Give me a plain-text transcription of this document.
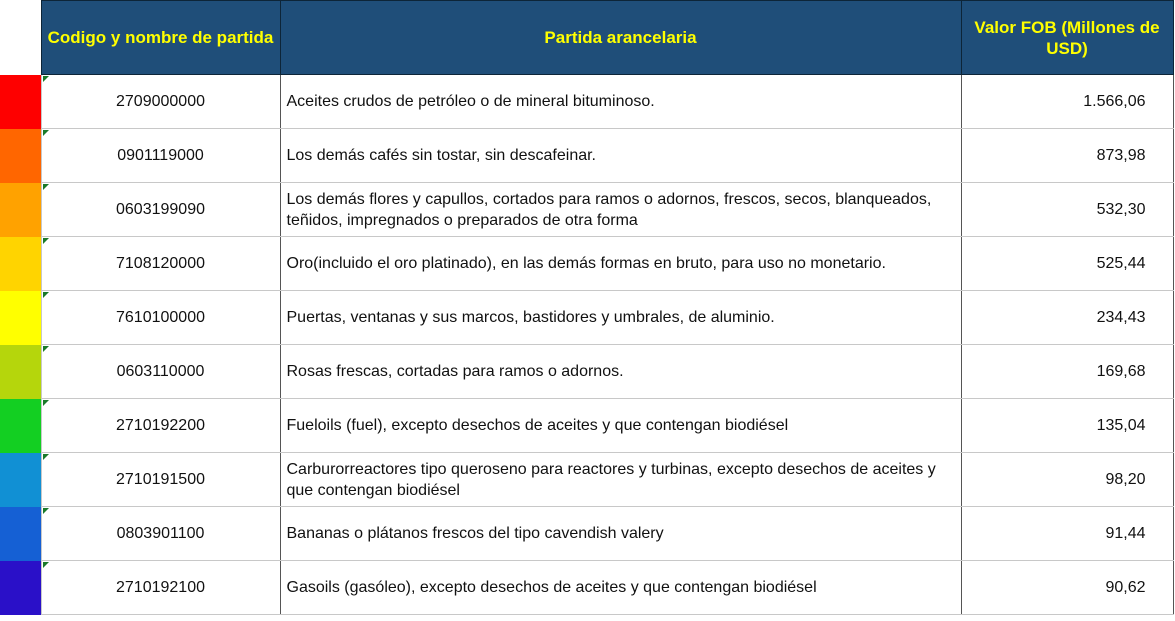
	Codigo y nombre de partida	Partida arancelaria	Valor FOB (Millones de USD)

	2709000000	Aceites crudos de petróleo o de mineral bituminoso.	1.566,06

	0901119000	Los demás cafés sin tostar, sin descafeinar.	873,98

	0603199090	Los demás flores y capullos, cortados para ramos o adornos, frescos, secos, blanqueados, teñidos, impregnados o preparados de otra forma	532,30

	7108120000	Oro(incluido el oro platinado), en las demás formas en bruto, para uso no monetario.	525,44

	7610100000	Puertas, ventanas y sus marcos, bastidores y umbrales, de aluminio.	234,43

	0603110000	Rosas frescas, cortadas para ramos o adornos.	169,68

	2710192200	Fueloils (fuel), excepto desechos de aceites y que contengan biodiésel	135,04

	2710191500	Carburorreactores tipo queroseno para reactores y turbinas, excepto desechos de aceites y que contengan biodiésel	98,20

	0803901100	Bananas o plátanos frescos del tipo cavendish valery	91,44

	2710192100	Gasoils (gasóleo), excepto desechos de aceites y que contengan biodiésel	90,62
